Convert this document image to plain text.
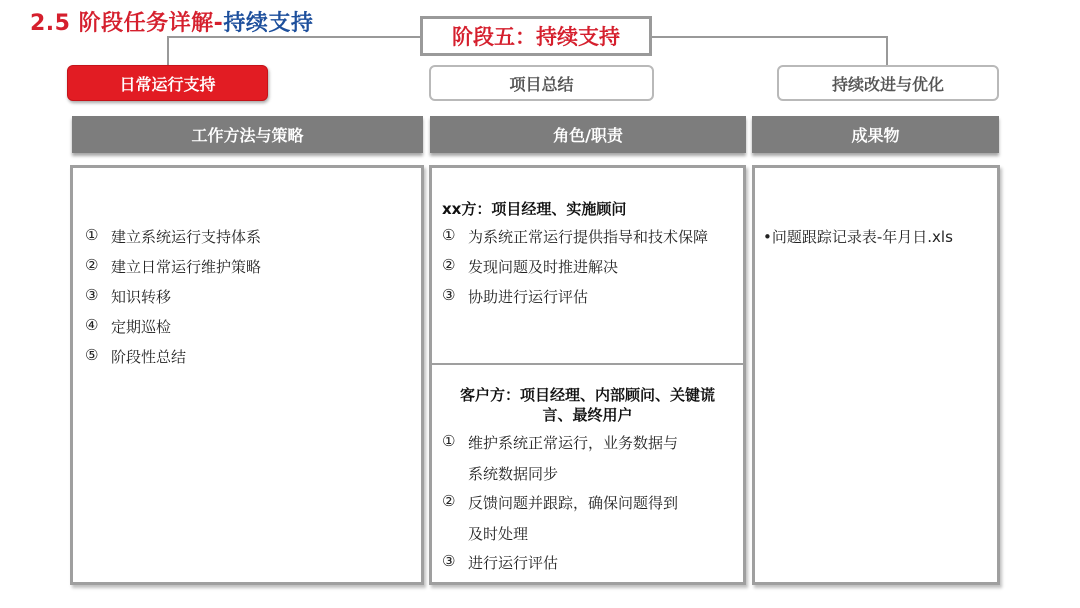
2.5 阶段任务详解-持续支持
阶段五：持续支持
日常运行支持	项目总结	持续改进与优化
工作方法与策略	角色/职责	成果物
① 建立系统运行支持体系
② 建立日常运行维护策略
③ 知识转移
④ 定期巡检
⑤ 阶段性总结
xx方：项目经理、实施顾问
① 为系统正常运行提供指导和技术保障
② 发现问题及时推进解决
③ 协助进行运行评估
客户方：项目经理、内部顾问、关键谎
言、最终用户
① 维护系统正常运行，业务数据与
系统数据同步
② 反馈问题并跟踪，确保问题得到
及时处理
③ 进行运行评估
•问题跟踪记录表-年月日.xls
